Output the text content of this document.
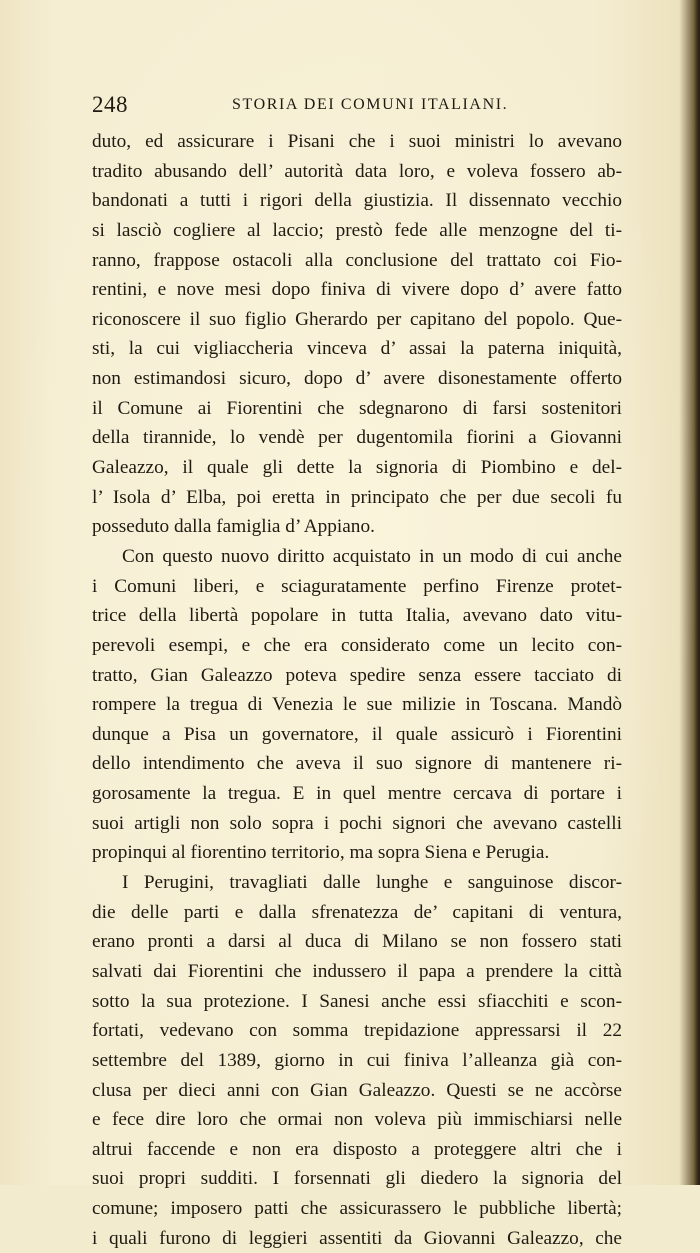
248	STORIA DEI COMUNI ITALIANI.
duto, ed assicurare i Pisani che i suoi ministri lo avevano
tradito abusando dell’ autorità data loro, e voleva fossero ab-
bandonati a tutti i rigori della giustizia. Il dissennato vecchio
si lasciò cogliere al laccio; prestò fede alle menzogne del ti-
ranno, frappose ostacoli alla conclusione del trattato coi Fio-
rentini, e nove mesi dopo finiva di vivere dopo d’ avere fatto
riconoscere il suo figlio Gherardo per capitano del popolo. Que-
sti, la cui vigliaccheria vinceva d’ assai la paterna iniquità,
non estimandosi sicuro, dopo d’ avere disonestamente offerto
il Comune ai Fiorentini che sdegnarono di farsi sostenitori
della tirannide, lo vendè per dugentomila fiorini a Giovanni
Galeazzo, il quale gli dette la signoria di Piombino e del-
l’ Isola d’ Elba, poi eretta in principato che per due secoli fu
posseduto dalla famiglia d’ Appiano.
Con questo nuovo diritto acquistato in un modo di cui anche
i Comuni liberi, e sciaguratamente perfino Firenze protet-
trice della libertà popolare in tutta Italia, avevano dato vitu-
perevoli esempi, e che era considerato come un lecito con-
tratto, Gian Galeazzo poteva spedire senza essere tacciato di
rompere la tregua di Venezia le sue milizie in Toscana. Mandò
dunque a Pisa un governatore, il quale assicurò i Fiorentini
dello intendimento che aveva il suo signore di mantenere ri-
gorosamente la tregua. E in quel mentre cercava di portare i
suoi artigli non solo sopra i pochi signori che avevano castelli
propinqui al fiorentino territorio, ma sopra Siena e Perugia.
I Perugini, travagliati dalle lunghe e sanguinose discor-
die delle parti e dalla sfrenatezza de’ capitani di ventura,
erano pronti a darsi al duca di Milano se non fossero stati
salvati dai Fiorentini che indussero il papa a prendere la città
sotto la sua protezione. I Sanesi anche essi sfiacchiti e scon-
fortati, vedevano con somma trepidazione appressarsi il 22
settembre del 1389, giorno in cui finiva l’alleanza già con-
clusa per dieci anni con Gian Galeazzo. Questi se ne accòrse
e fece dire loro che ormai non voleva più immischiarsi nelle
altrui faccende e non era disposto a proteggere altri che i
suoi propri sudditi. I forsennati gli diedero la signoria del
comune; imposero patti che assicurassero le pubbliche libertà;
i quali furono di leggieri assentiti da Giovanni Galeazzo, che
